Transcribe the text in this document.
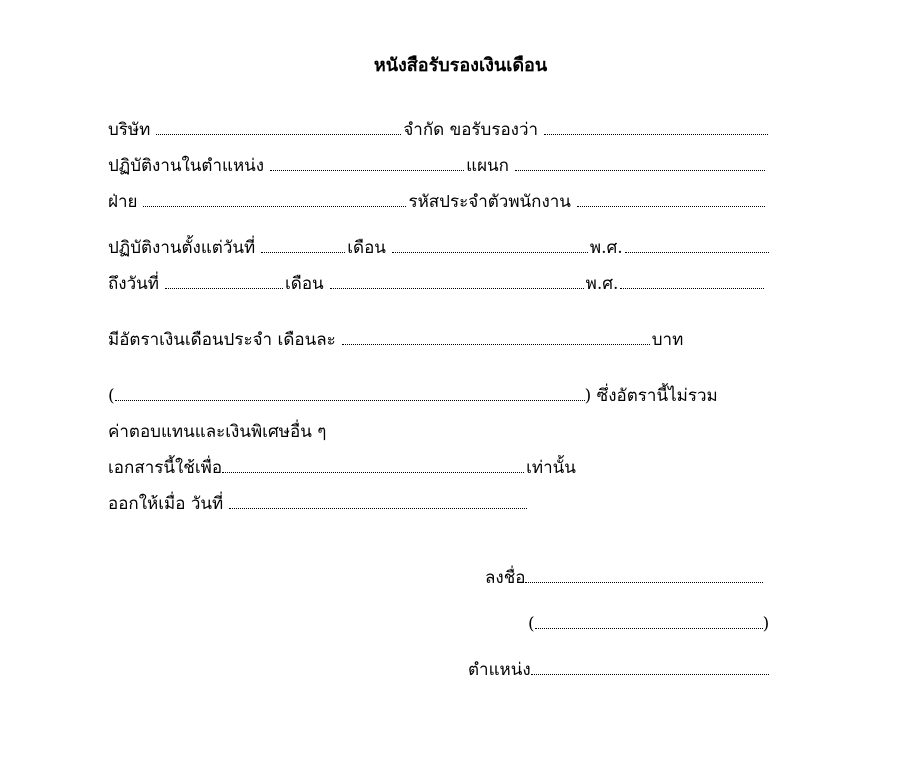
หนังสือรับรองเงินเดือน
บริษัท	จำกัด ขอรับรองว่า
ปฏิบัติงานในตำแหน่ง	แผนก
ฝ่าย	รหัสประจำตัวพนักงาน
ปฏิบัติงานตั้งแต่วันที่	เดือน	พ.ศ.
ถึงวันที่	เดือน	พ.ศ.
มีอัตราเงินเดือนประจำ เดือนละ	บาท
(	) ซึ่งอัตรานี้ไม่รวม
ค่าตอบแทนและเงินพิเศษอื่น ๆ
เอกสารนี้ใช้เพื่อ	เท่านั้น
ออกให้เมื่อ วันที่
ลงชื่อ
(	)
ตำแหน่ง
